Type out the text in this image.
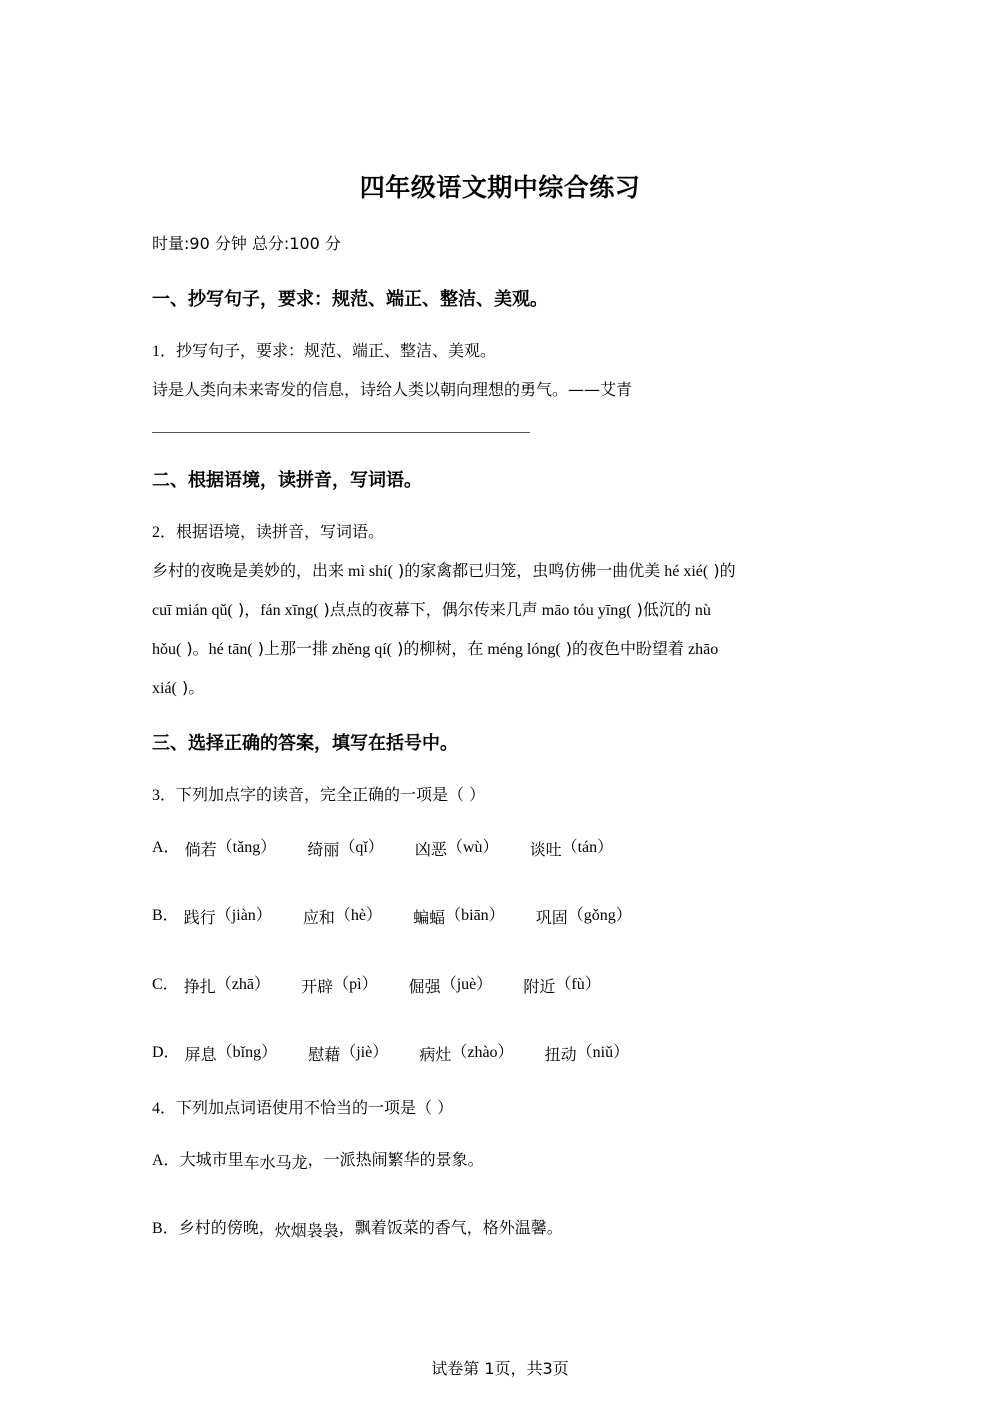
四年级语文期中综合练习
时量:90 分钟 总分:100 分
一、抄写句子，要求：规范、端正、整洁、美观。
1．抄写句子，要求：规范、端正、整洁、美观。
诗是人类向未来寄发的信息，诗给人类以朝向理想的勇气。——艾青
二、根据语境，读拼音，写词语。
2．根据语境，读拼音，写词语。
乡村的夜晚是美妙的，出来 mì shí( )的家禽都已归笼，虫鸣仿佛一曲优美 hé xié( )的
cuī mián qǔ( )，fán xīng( )点点的夜幕下，偶尔传来几声 māo tóu yīng( )低沉的 nù
hǒu( )。hé tān( )上那一排 zhěng qí( )的柳树，在 méng lóng( )的夜色中盼望着 zhāo
xiá( )。
三、选择正确的答案，填写在括号中。
3．下列加点字的读音，完全正确的一项是（ ）
A． 倘若（tǎng） 绮丽（qǐ） 凶恶（wù） 谈吐（tán）
B． 践行（jiàn） 应和（hè） 蝙蝠（biān） 巩固（gǒng）
C． 挣扎（zhā） 开辟（pì） 倔强（juè） 附近（fù）
D． 屏息（bǐng） 慰藉（jiè） 病灶（zhào） 扭动（niǔ）
4．下列加点词语使用不恰当的一项是（ ）
A．大城市里车水马龙，一派热闹繁华的景象。
B．乡村的傍晚，炊烟袅袅，飘着饭菜的香气，格外温馨。
试卷第 1页，共3页
